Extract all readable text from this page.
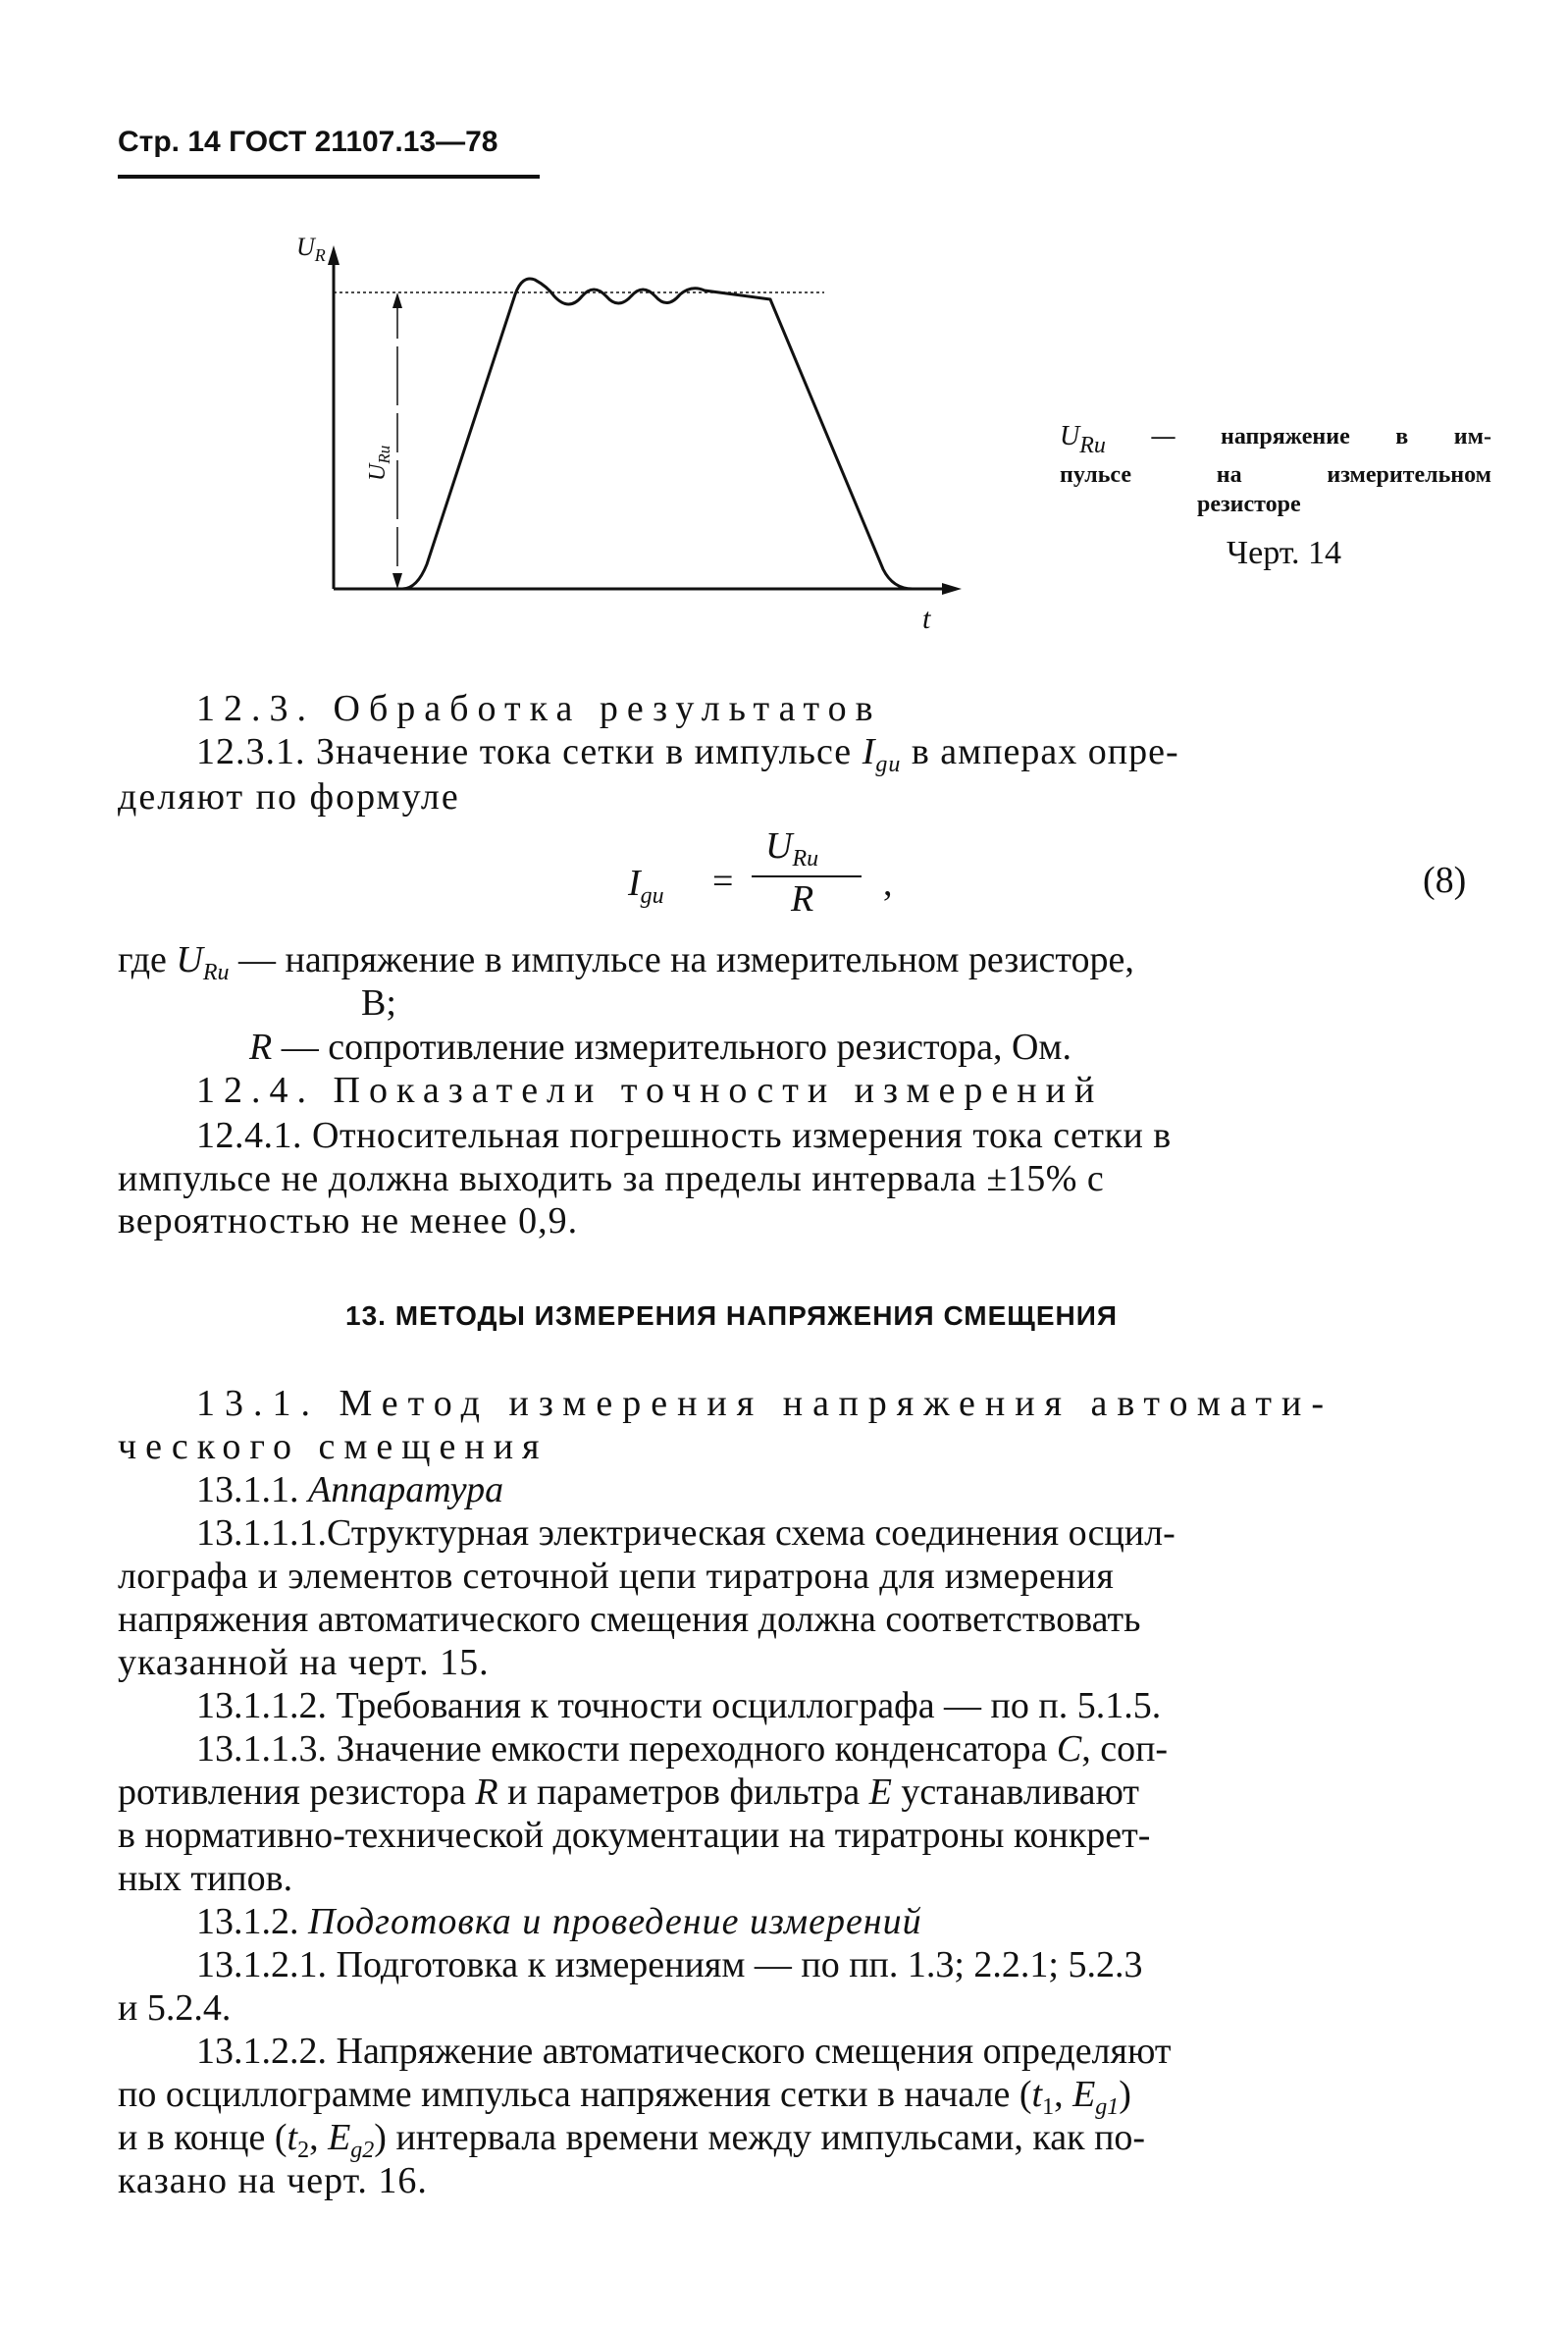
Стр. 14 ГОСТ 21107.13—78
$U_R$
$U_{Rи}$
t
URи — напряжение в им-
пульсе	на	измерительном
резисторе
Черт. 14
12.3. Обработка результатов
12.3.1. Значение тока сетки в импульсе $I_{gи}$ в амперах опре-
деляют по формуле
$I_{gи}$ =
$U_{Rи}$
R ,	(8)
где $U_{Rи}$ — напряжение в импульсе на измерительном резисторе,
В;
R — сопротивление измерительного резистора, Ом.
12.4. Показатели точности измерений
12.4.1. Относительная погрешность измерения тока сетки в
импульсе не должна выходить за пределы интервала ±15% с
вероятностью не менее 0,9.
13. МЕТОДЫ ИЗМЕРЕНИЯ НАПРЯЖЕНИЯ СМЕЩЕНИЯ
13.1. Метод измерения напряжения автомати-
ческого смещения
13.1.1. Аппаратура
13.1.1.1.Структурная электрическая схема соединения осцил-
лографа и элементов сеточной цепи тиратрона для измерения
напряжения автоматического смещения должна соответствовать
указанной на черт. 15.
13.1.1.2. Требования к точности осциллографа — по п. 5.1.5.
13.1.1.3. Значение емкости переходного конденсатора C, соп-
ротивления резистора R и параметров фильтра E устанавливают
в нормативно-технической документации на тиратроны конкрет-
ных типов.
13.1.2. Подготовка и проведение измерений
13.1.2.1. Подготовка к измерениям — по пп. 1.3; 2.2.1; 5.2.3
и 5.2.4.
13.1.2.2. Напряжение автоматического смещения определяют
по осциллограмме импульса напряжения сетки в начале ($t_1$, $E_{g1}$)
и в конце ($t_2$, $E_{g2}$) интервала времени между импульсами, как по-
казано на черт. 16.
